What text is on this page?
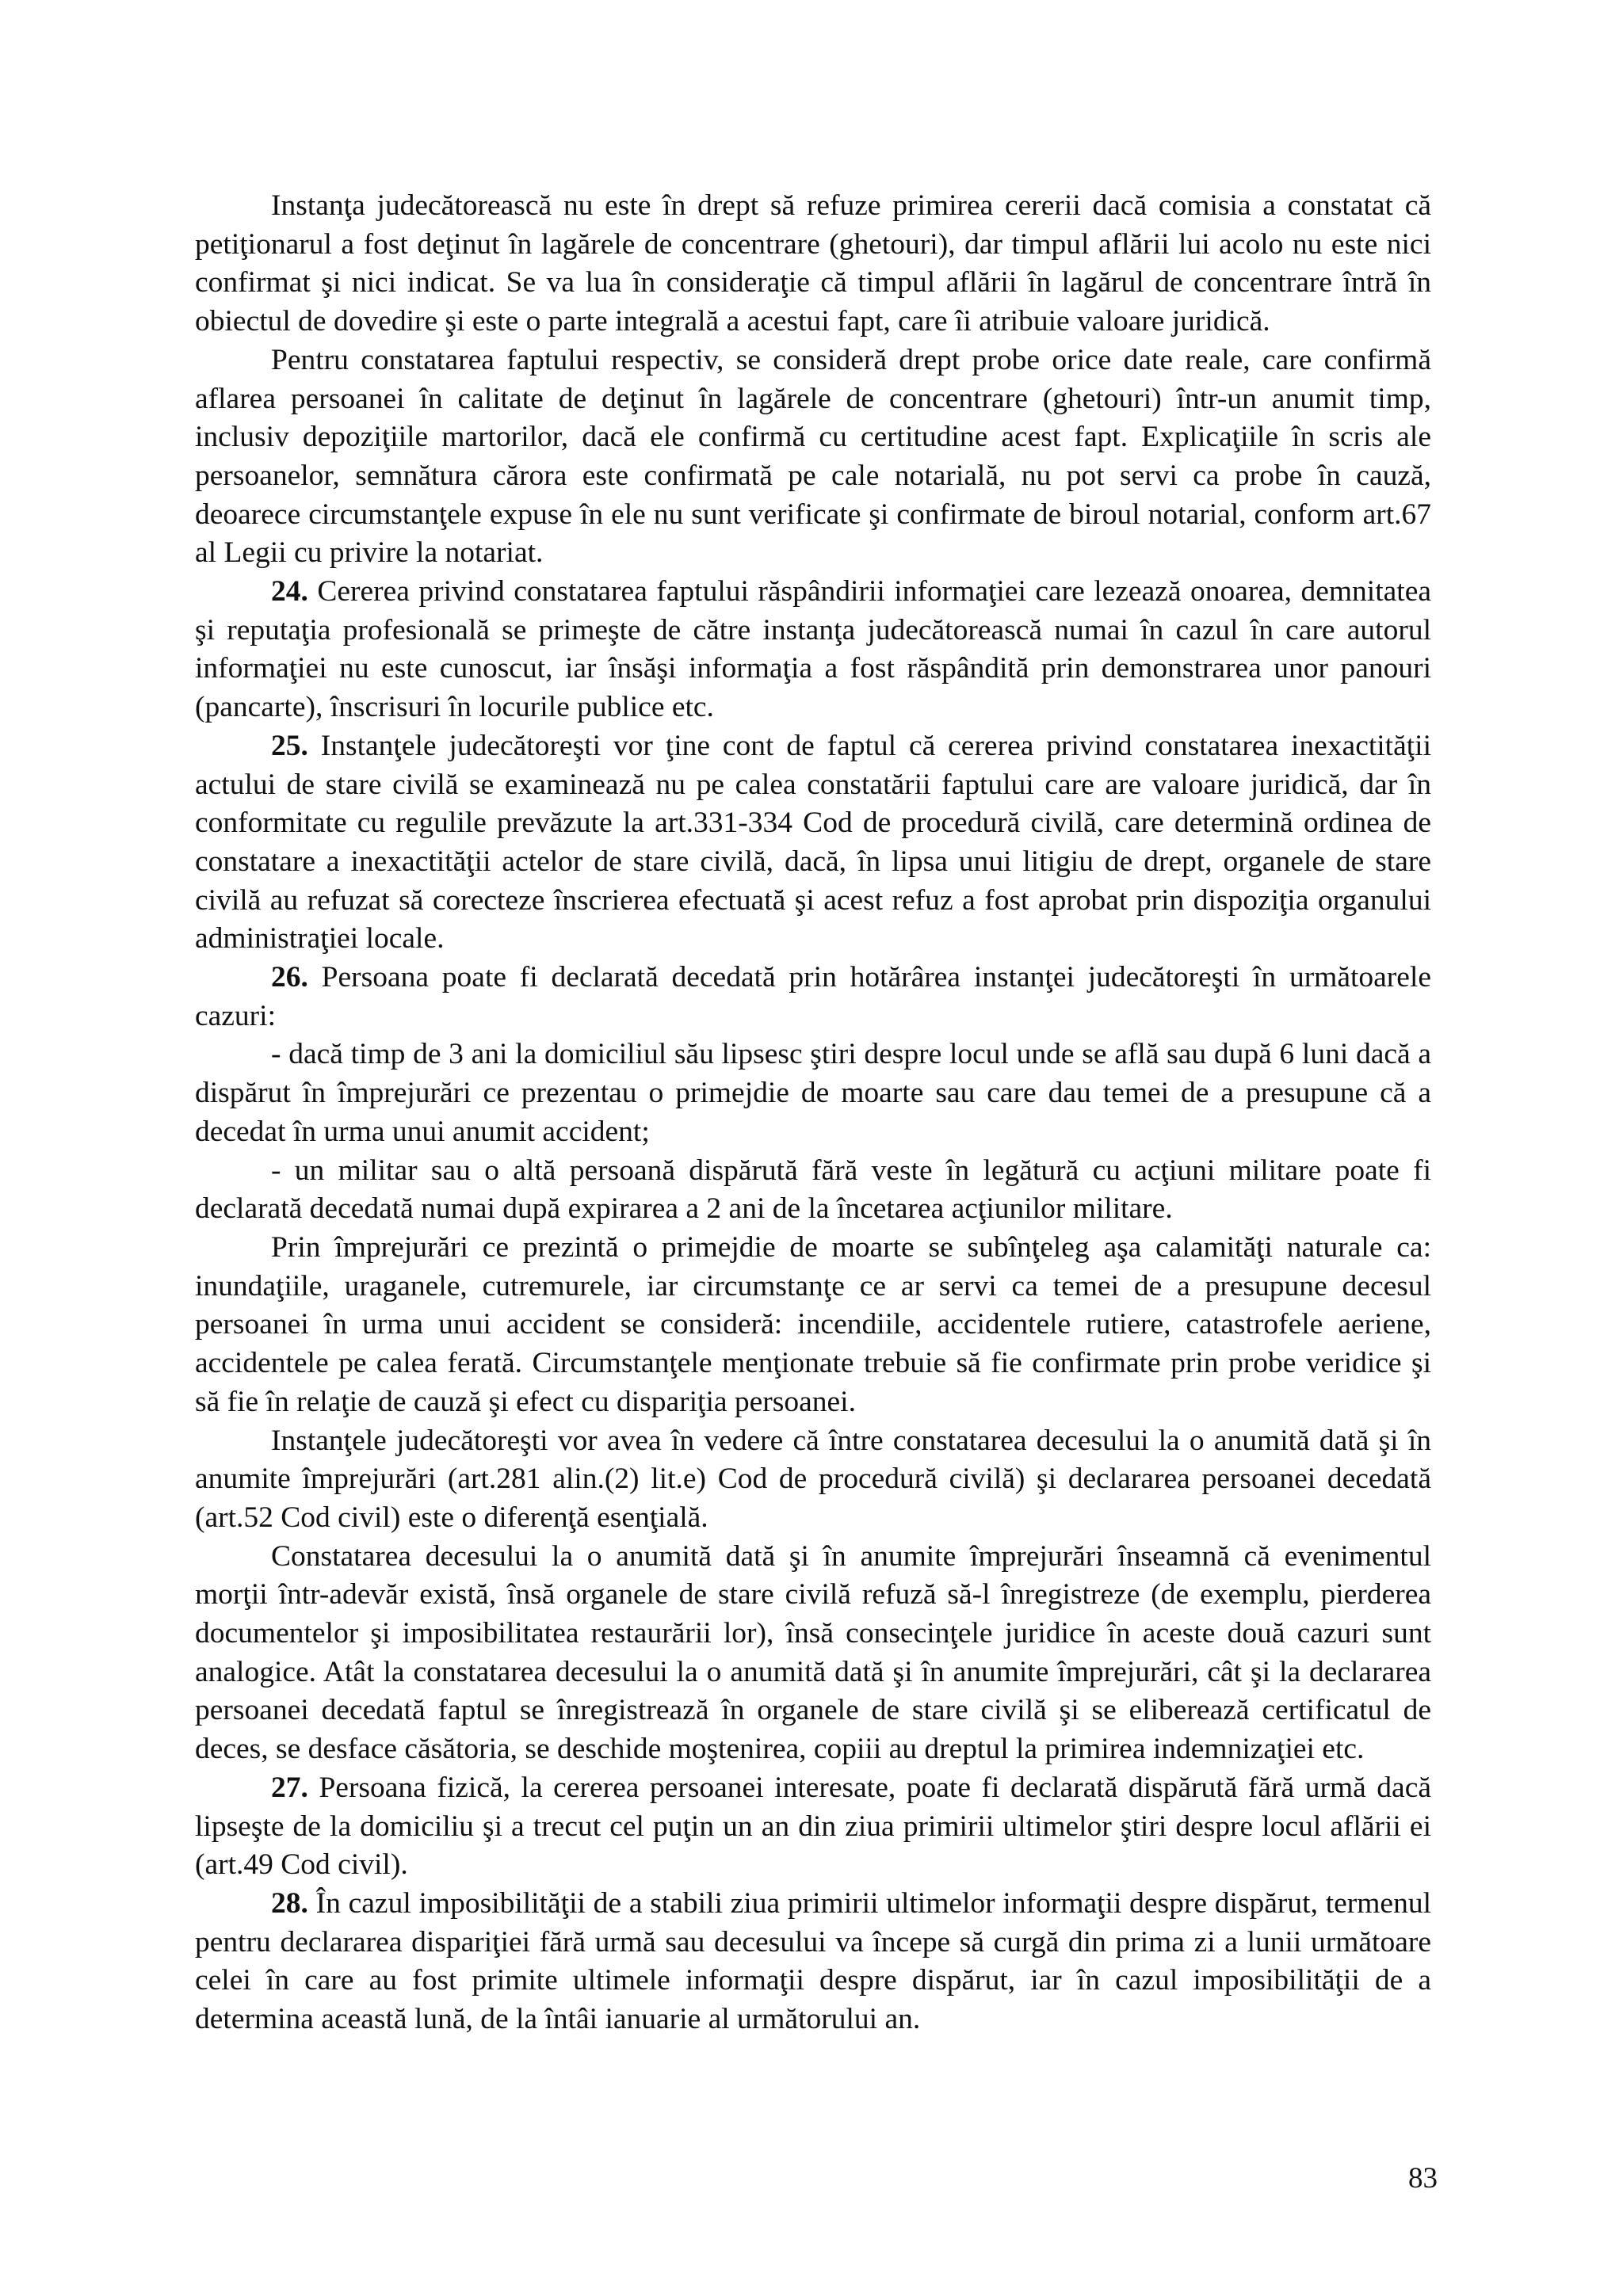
Instanţa judecătorească nu este în drept să refuze primirea cererii dacă comisia a constatat că petiţionarul a fost deţinut în lagărele de concentrare (ghetouri), dar timpul aflării lui acolo nu este nici confirmat şi nici indicat. Se va lua în consideraţie că timpul aflării în lagărul de concentrare întră în obiectul de dovedire şi este o parte integrală a acestui fapt, care îi atribuie valoare juridică.

Pentru constatarea faptului respectiv, se consideră drept probe orice date reale, care confirmă aflarea persoanei în calitate de deţinut în lagărele de concentrare (ghetouri) într-un anumit timp, inclusiv depoziţiile martorilor, dacă ele confirmă cu certitudine acest fapt. Explicaţiile în scris ale persoanelor, semnătura cărora este confirmată pe cale notarială, nu pot servi ca probe în cauză, deoarece circumstanţele expuse în ele nu sunt verificate şi confirmate de biroul notarial, conform art.67 al Legii cu privire la notariat.

24. Cererea privind constatarea faptului răspândirii informaţiei care lezează onoarea, demnitatea şi reputaţia profesională se primeşte de către instanţa judecătorească numai în cazul în care autorul informaţiei nu este cunoscut, iar însăşi informaţia a fost răspândită prin demonstrarea unor panouri (pancarte), înscrisuri în locurile publice etc.

25. Instanţele judecătoreşti vor ţine cont de faptul că cererea privind constatarea inexactităţii actului de stare civilă se examinează nu pe calea constatării faptului care are valoare juridică, dar în conformitate cu regulile prevăzute la art.331-334 Cod de procedură civilă, care determină ordinea de constatare a inexactităţii actelor de stare civilă, dacă, în lipsa unui litigiu de drept, organele de stare civilă au refuzat să corecteze înscrierea efectuată şi acest refuz a fost aprobat prin dispoziţia organului administraţiei locale.

26. Persoana poate fi declarată decedată prin hotărârea instanţei judecătoreşti în următoarele cazuri:

- dacă timp de 3 ani la domiciliul său lipsesc ştiri despre locul unde se află sau după 6 luni dacă a dispărut în împrejurări ce prezentau o primejdie de moarte sau care dau temei de a presupune că a decedat în urma unui anumit accident;

- un militar sau o altă persoană dispărută fără veste în legătură cu acţiuni militare poate fi declarată decedată numai după expirarea a 2 ani de la încetarea acţiunilor militare.

Prin împrejurări ce prezintă o primejdie de moarte se subînţeleg aşa calamităţi naturale ca: inundaţiile, uraganele, cutremurele, iar circumstanţe ce ar servi ca temei de a presupune decesul persoanei în urma unui accident se consideră: incendiile, accidentele rutiere, catastrofele aeriene, accidentele pe calea ferată. Circumstanţele menţionate trebuie să fie confirmate prin probe veridice şi să fie în relaţie de cauză şi efect cu dispariţia persoanei.

Instanţele judecătoreşti vor avea în vedere că între constatarea decesului la o anumită dată şi în anumite împrejurări (art.281 alin.(2) lit.e) Cod de procedură civilă) şi declararea persoanei decedată (art.52 Cod civil) este o diferenţă esenţială.

Constatarea decesului la o anumită dată şi în anumite împrejurări înseamnă că evenimentul morţii într-adevăr există, însă organele de stare civilă refuză să-l înregistreze (de exemplu, pierderea documentelor şi imposibilitatea restaurării lor), însă consecinţele juridice în aceste două cazuri sunt analogice. Atât la constatarea decesului la o anumită dată şi în anumite împrejurări, cât şi la declararea persoanei decedată faptul se înregistrează în organele de stare civilă şi se eliberează certificatul de deces, se desface căsătoria, se deschide moştenirea, copiii au dreptul la primirea indemnizaţiei etc.

27. Persoana fizică, la cererea persoanei interesate, poate fi declarată dispărută fără urmă dacă lipseşte de la domiciliu şi a trecut cel puţin un an din ziua primirii ultimelor ştiri despre locul aflării ei (art.49 Cod civil).

28. În cazul imposibilităţii de a stabili ziua primirii ultimelor informaţii despre dispărut, termenul pentru declararea dispariţiei fără urmă sau decesului va începe să curgă din prima zi a lunii următoare celei în care au fost primite ultimele informaţii despre dispărut, iar în cazul imposibilităţii de a determina această lună, de la întâi ianuarie al următorului an.

83
